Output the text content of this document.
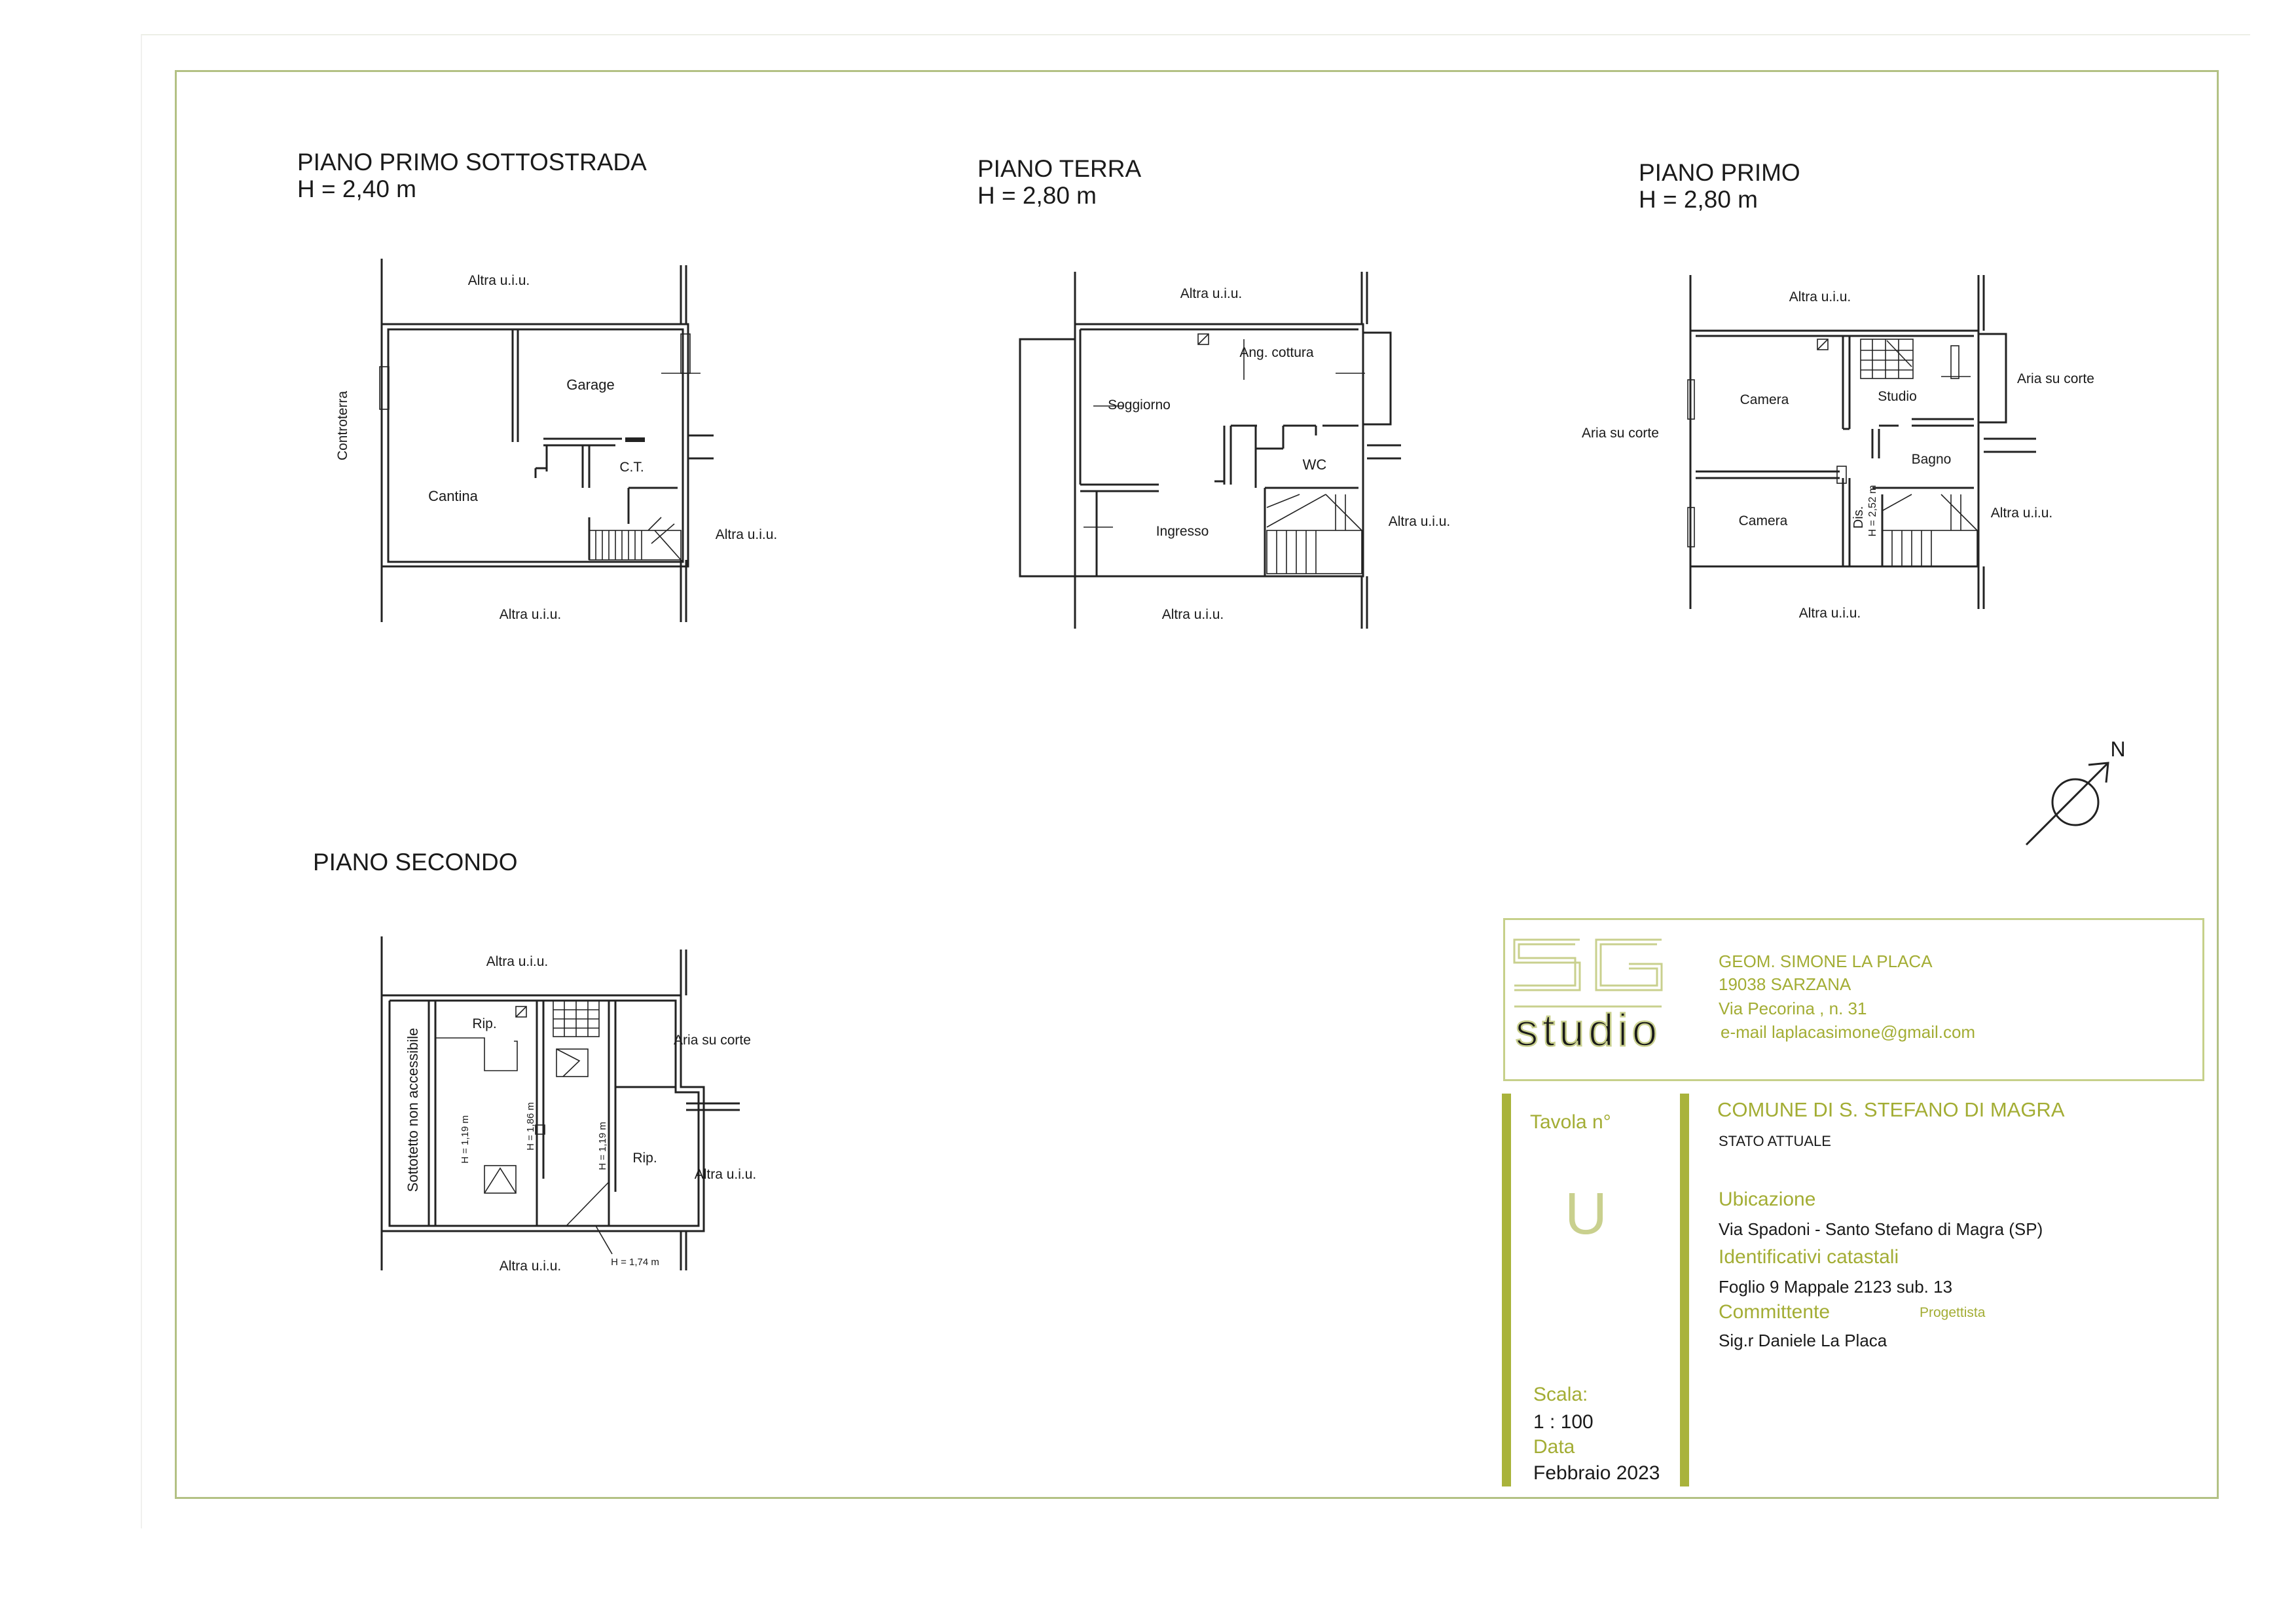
PIANO PRIMO SOTTOSTRADA
H = 2,40 m
Altra u.i.u.
Garage
Controterra
C.T.
Cantina
Altra u.i.u.
Altra u.i.u.
PIANO TERRA
H = 2,80 m
Altra u.i.u.
Ang. cottura
Soggiorno
WC
Ingresso
Altra u.i.u.
Altra u.i.u.
PIANO PRIMO
H = 2,80 m
Altra u.i.u.
Aria su corte
Aria su corte
Camera	Studio
Bagno
Camera	Dis. H = 2,52 m	Altra u.i.u.
Altra u.i.u.
N
PIANO SECONDO
Altra u.i.u.
Rip.
Aria su corte
Sottotetto non accessibile	H = 1,19 m	H = 1,86 m	H = 1,19 m Rip.
Altra u.i.u.
Altra u.i.u.	H = 1,74 m
studio
GEOM. SIMONE LA PLACA
19038 SARZANA
Via Pecorina , n. 31
e-mail laplacasimone@gmail.com
Tavola n°
U
COMUNE DI S. STEFANO DI MAGRA
STATO ATTUALE
Ubicazione
Via Spadoni - Santo Stefano di Magra (SP)
Identificativi catastali
Foglio 9 Mappale 2123 sub. 13
Committente	Progettista
Sig.r Daniele La Placa
Scala:
1 : 100
Data
Febbraio 2023
